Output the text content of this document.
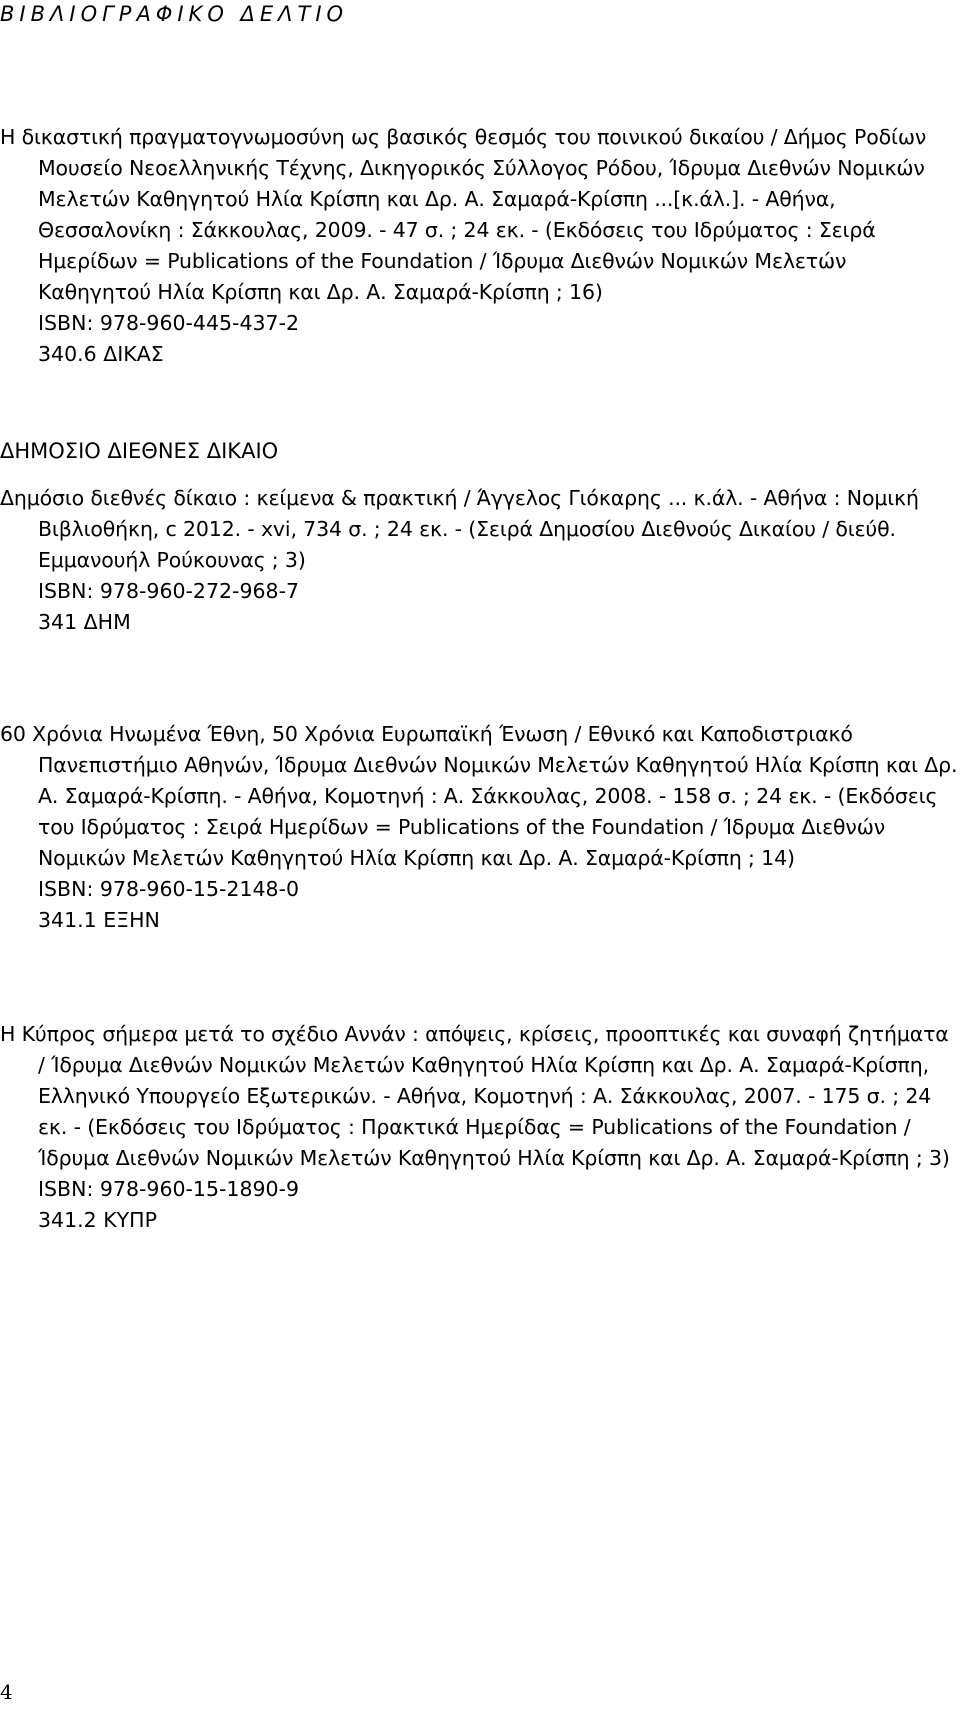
ΒΙΒΛΙΟΓΡΑΦΙΚΟ ΔΕΛΤΙΟ

Η δικαστική πραγματογνωμοσύνη ως βασικός θεσμός του ποινικού δικαίου / Δήμος Ροδίων Μουσείο Νεοελληνικής Τέχνης, Δικηγορικός Σύλλογος Ρόδου, Ίδρυμα Διεθνών Νομικών Μελετών Καθηγητού Ηλία Κρίσπη και Δρ. Α. Σαμαρά-Κρίσπη ...[κ.άλ.]. - Αθήνα, Θεσσαλονίκη : Σάκκουλας, 2009. - 47 σ. ; 24 εκ. - (Εκδόσεις του Ιδρύματος : Σειρά Ημερίδων = Publications of the Foundation / Ίδρυμα Διεθνών Νομικών Μελετών Καθηγητού Ηλία Κρίσπη και Δρ. Α. Σαμαρά-Κρίσπη ; 16)

ISBN: 978-960-445-437-2

340.6 ΔΙΚΑΣ

ΔΗΜΟΣΙΟ ΔΙΕΘΝΕΣ ΔΙΚΑΙΟ

Δημόσιο διεθνές δίκαιο : κείμενα & πρακτική / Άγγελος Γιόκαρης ... κ.άλ. - Αθήνα : Νομική Βιβλιοθήκη, c 2012. - xvi, 734 σ. ; 24 εκ. - (Σειρά Δημοσίου Διεθνούς Δικαίου / διεύθ. Εμμανουήλ Ρούκουνας ; 3)

ISBN: 978-960-272-968-7

341 ΔΗΜ

60 Χρόνια Ηνωμένα Έθνη, 50 Χρόνια Ευρωπαϊκή Ένωση / Εθνικό και Καποδιστριακό Πανεπιστήμιο Αθηνών, Ίδρυμα Διεθνών Νομικών Μελετών Καθηγητού Ηλία Κρίσπη και Δρ. Α. Σαμαρά-Κρίσπη. - Αθήνα, Κομοτηνή : Α. Σάκκουλας, 2008. - 158 σ. ; 24 εκ. - (Εκδόσεις του Ιδρύματος : Σειρά Ημερίδων = Publications of the Foundation / Ίδρυμα Διεθνών Νομικών Μελετών Καθηγητού Ηλία Κρίσπη και Δρ. Α. Σαμαρά-Κρίσπη ; 14)

ISBN: 978-960-15-2148-0

341.1 ΕΞΗΝ

Η Κύπρος σήμερα μετά το σχέδιο Αννάν : απόψεις, κρίσεις, προοπτικές και συναφή ζητήματα / Ίδρυμα Διεθνών Νομικών Μελετών Καθηγητού Ηλία Κρίσπη και Δρ. Α. Σαμαρά-Κρίσπη, Ελληνικό Υπουργείο Εξωτερικών. - Αθήνα, Κομοτηνή : Α. Σάκκουλας, 2007. - 175 σ. ; 24 εκ. - (Εκδόσεις του Ιδρύματος : Πρακτικά Ημερίδας = Publications of the Foundation / Ίδρυμα Διεθνών Νομικών Μελετών Καθηγητού Ηλία Κρίσπη και Δρ. Α. Σαμαρά-Κρίσπη ; 3)

ISBN: 978-960-15-1890-9

341.2 ΚΥΠΡ

4
